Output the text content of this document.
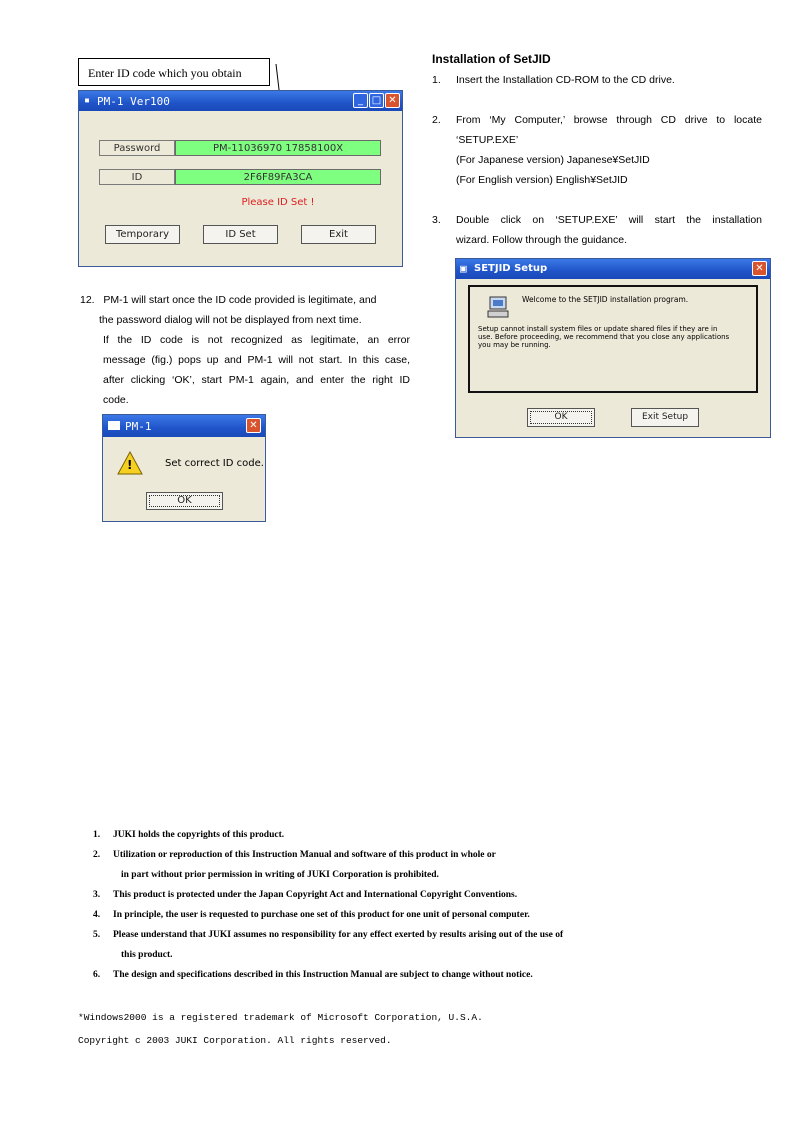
Enter ID code which you obtain
▪ PM-1 Ver100	_ □ ✕
Password	PM-11036970 17858100X
ID	2F6F89FA3CA
Please ID Set !
Temporary	ID Set	Exit
12. PM-1 will start once the ID code provided is legitimate, and
the password dialog will not be displayed from next time.
If the ID code is not recognized as legitimate, an error
message (fig.) pops up and PM-1 will not start. In this case,
after clicking ‘OK’, start PM-1 again, and enter the right ID
code.
PM-1	✕
!	Set correct ID code.
OK
Installation of SetJID
1.	Insert the Installation CD-ROM to the CD drive.
2.	From ‘My Computer,’ browse through CD drive to locate
‘SETUP.EXE’
(For Japanese version) Japanese¥SetJID
(For English version) English¥SetJID
3.	Double click on ‘SETUP.EXE’ will start the installation
wizard. Follow through the guidance.
▣ SETJID Setup	✕
Welcome to the SETJID installation program.
Setup cannot install system files or update shared files if they are in
use. Before proceeding, we recommend that you close any applications
you may be running.
OK	Exit Setup
1. JUKI holds the copyrights of this product.
2. Utilization or reproduction of this Instruction Manual and software of this product in whole or
in part without prior permission in writing of JUKI Corporation is prohibited.
3. This product is protected under the Japan Copyright Act and International Copyright Conventions.
4. In principle, the user is requested to purchase one set of this product for one unit of personal computer.
5. Please understand that JUKI assumes no responsibility for any effect exerted by results arising out of the use of
this product.
6. The design and specifications described in this Instruction Manual are subject to change without notice.
*Windows2000 is a registered trademark of Microsoft Corporation, U.S.A.
Copyright c 2003 JUKI Corporation. All rights reserved.
